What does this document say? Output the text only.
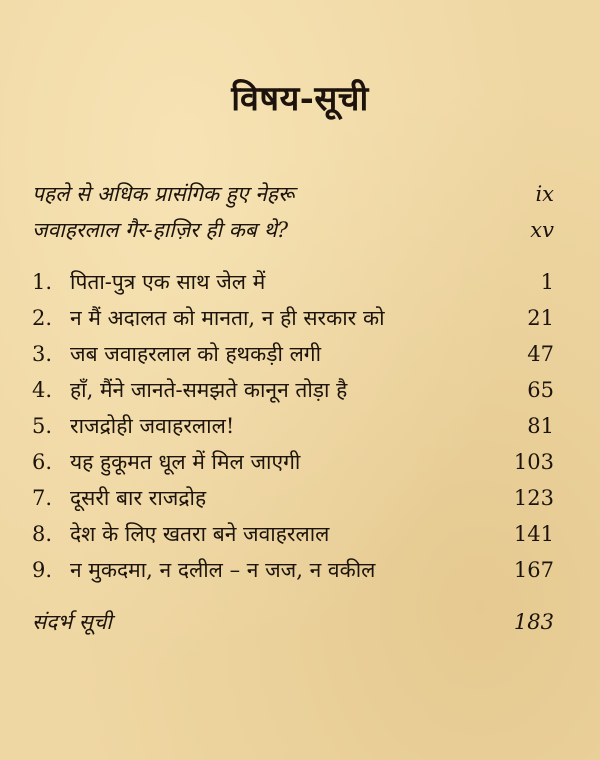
विषय-सूची
पहले से अधिक प्रासंगिक हुए नेहरू	ix
जवाहरलाल गैर-हाज़िर ही कब थे?	xv
1. पिता-पुत्र एक साथ जेल में	1
2. न मैं अदालत को मानता, न ही सरकार को	21
3. जब जवाहरलाल को हथकड़ी लगी	47
4. हाँ, मैंने जानते-समझते कानून तोड़ा है	65
5. राजद्रोही जवाहरलाल!	81
6. यह हुकूमत धूल में मिल जाएगी	103
7. दूसरी बार राजद्रोह	123
8. देश के लिए खतरा बने जवाहरलाल	141
9. न मुकदमा, न दलील – न जज, न वकील	167
संदर्भ सूची	183
